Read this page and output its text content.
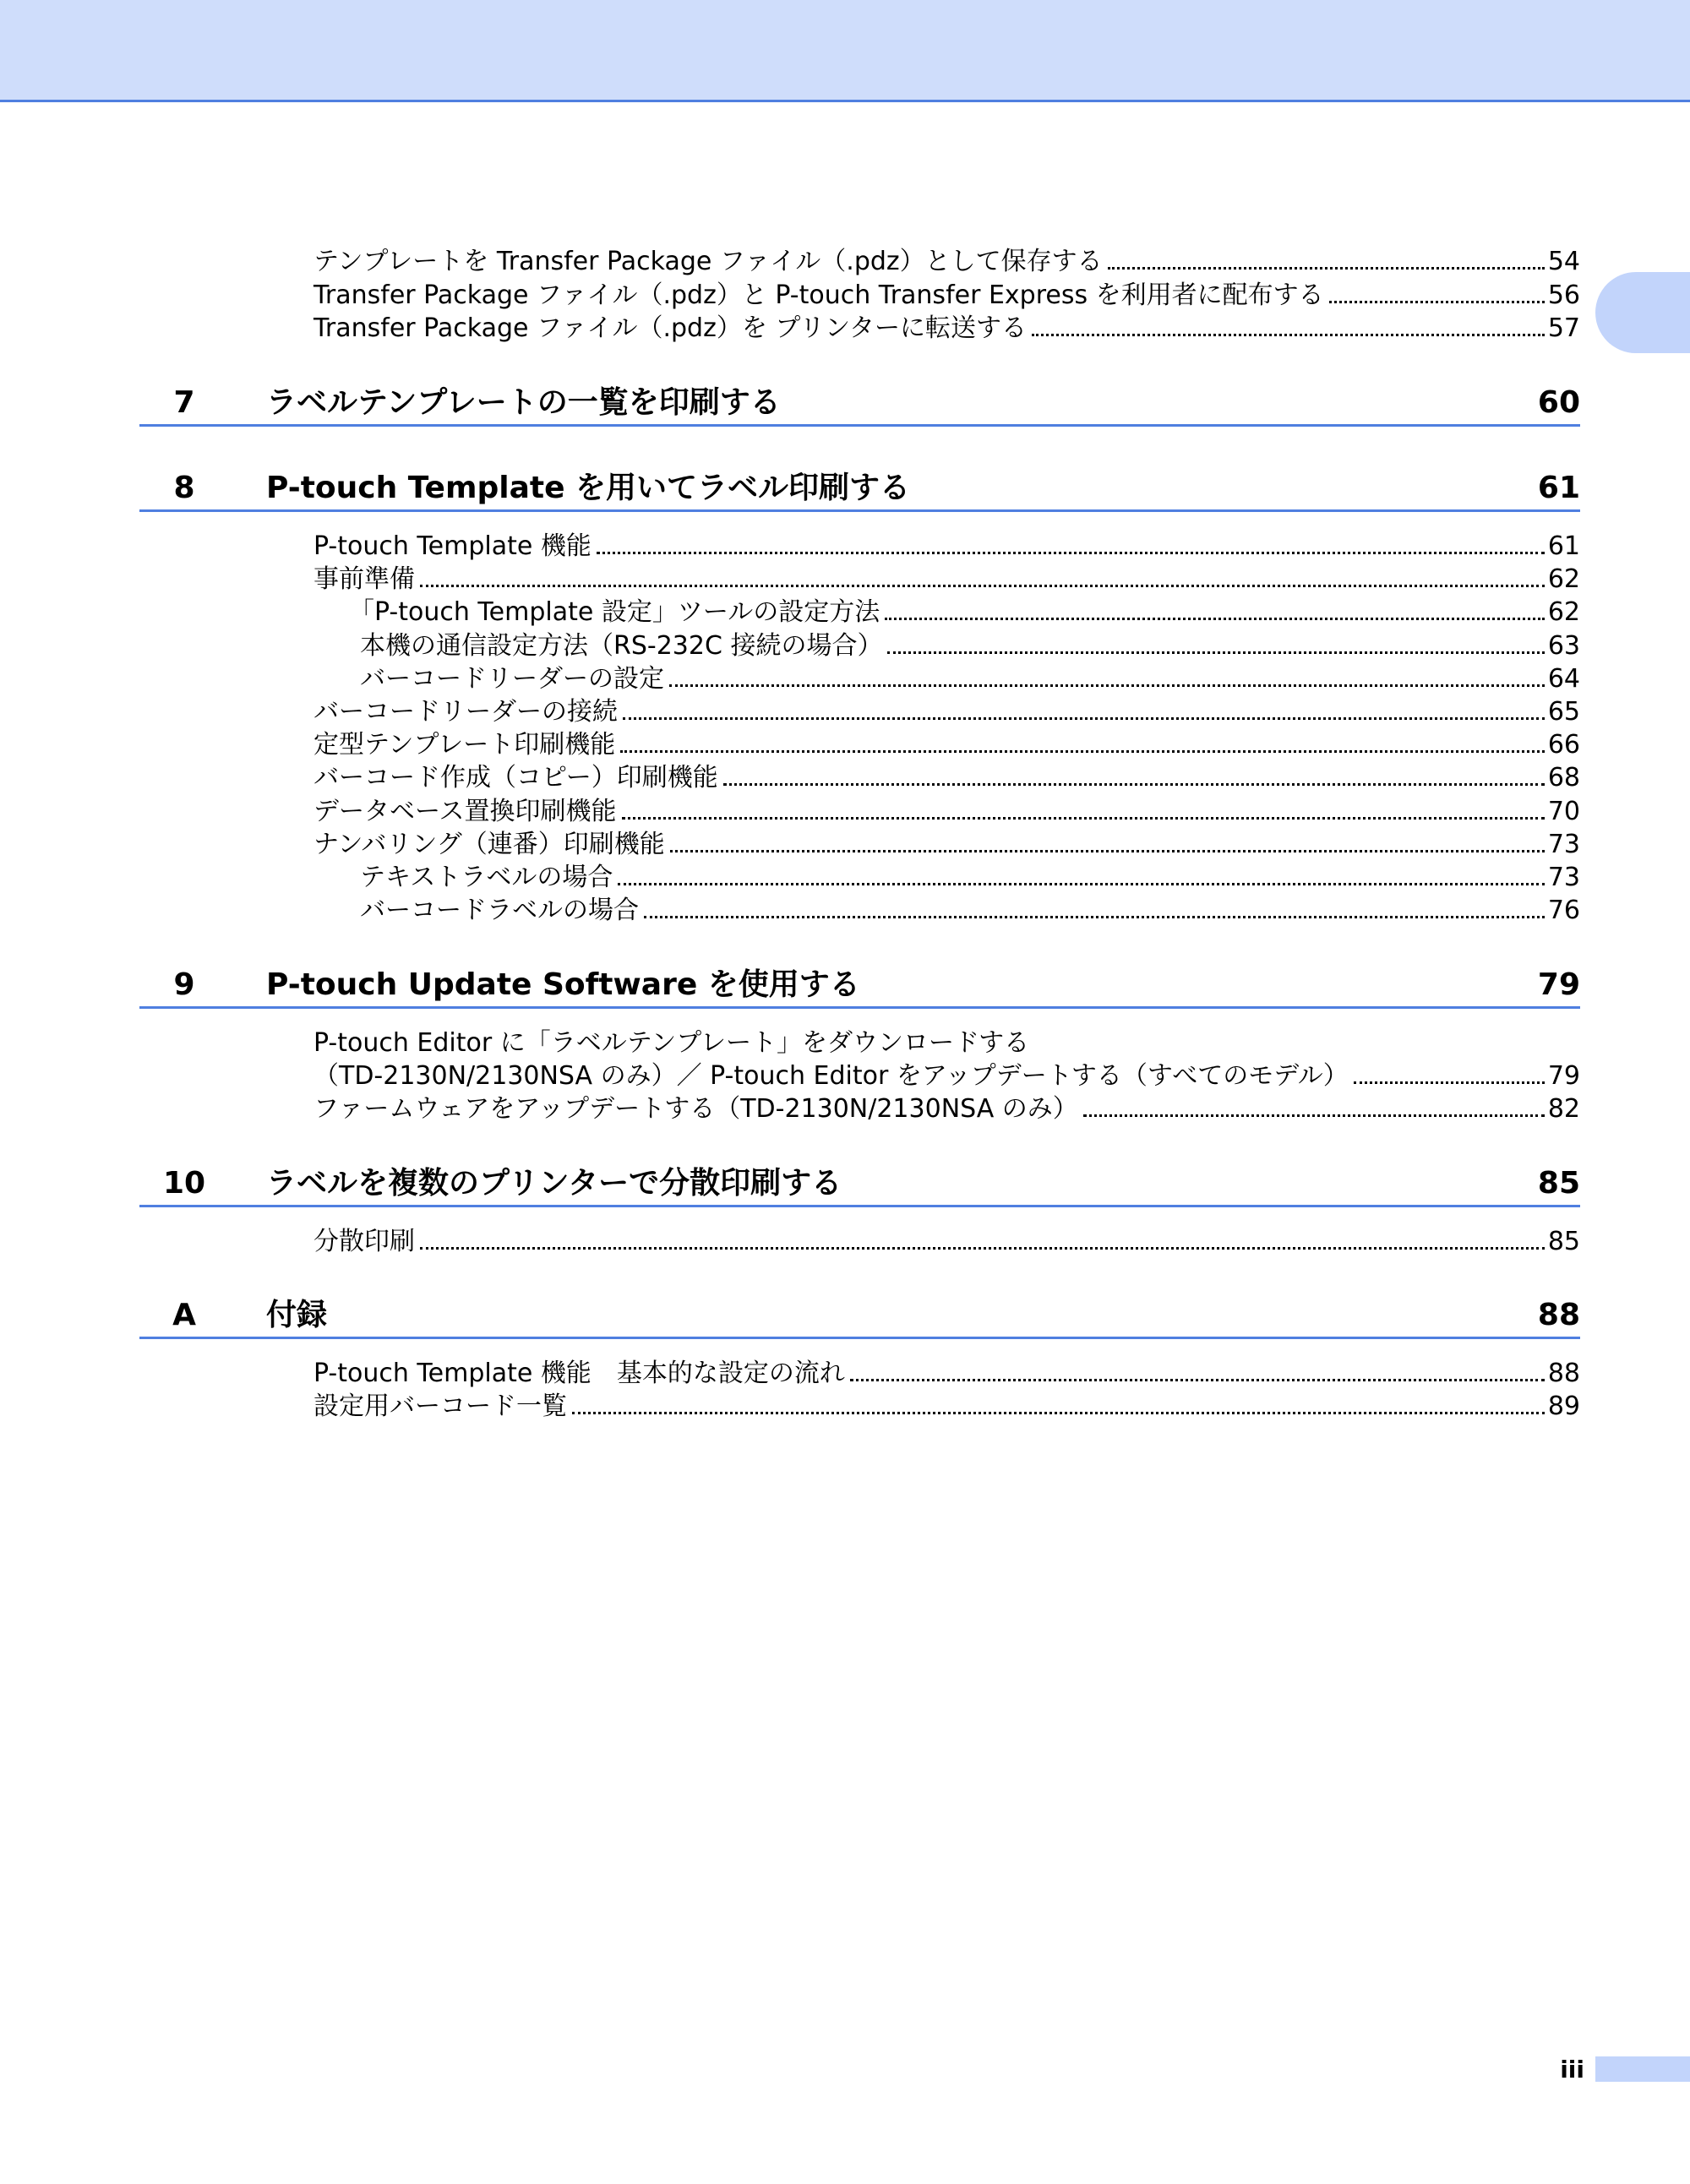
テンプレートを Transfer Package ファイル（.pdz）として保存する	54
Transfer Package ファイル（.pdz）と P-touch Transfer Express を利用者に配布する	56
Transfer Package ファイル（.pdz）を プリンターに転送する	57
7	ラベルテンプレートの一覧を印刷する	60
8	P-touch Template を用いてラベル印刷する	61
P-touch Template 機能	61
事前準備	62
「P-touch Template 設定」ツールの設定方法	62
本機の通信設定方法（RS-232C 接続の場合）	63
バーコードリーダーの設定	64
バーコードリーダーの接続	65
定型テンプレート印刷機能	66
バーコード作成（コピー）印刷機能	68
データベース置換印刷機能	70
ナンバリング（連番）印刷機能	73
テキストラベルの場合	73
バーコードラベルの場合	76
9	P-touch Update Software を使用する	79
P-touch Editor に「ラベルテンプレート」をダウンロードする
（TD-2130N/2130NSA のみ）／ P-touch Editor をアップデートする（すべてのモデル）	79
ファームウェアをアップデートする（TD-2130N/2130NSA のみ）	82
10	ラベルを複数のプリンターで分散印刷する	85
分散印刷	85
A	付録	88
P-touch Template 機能　基本的な設定の流れ	88
設定用バーコード一覧	89
iii
